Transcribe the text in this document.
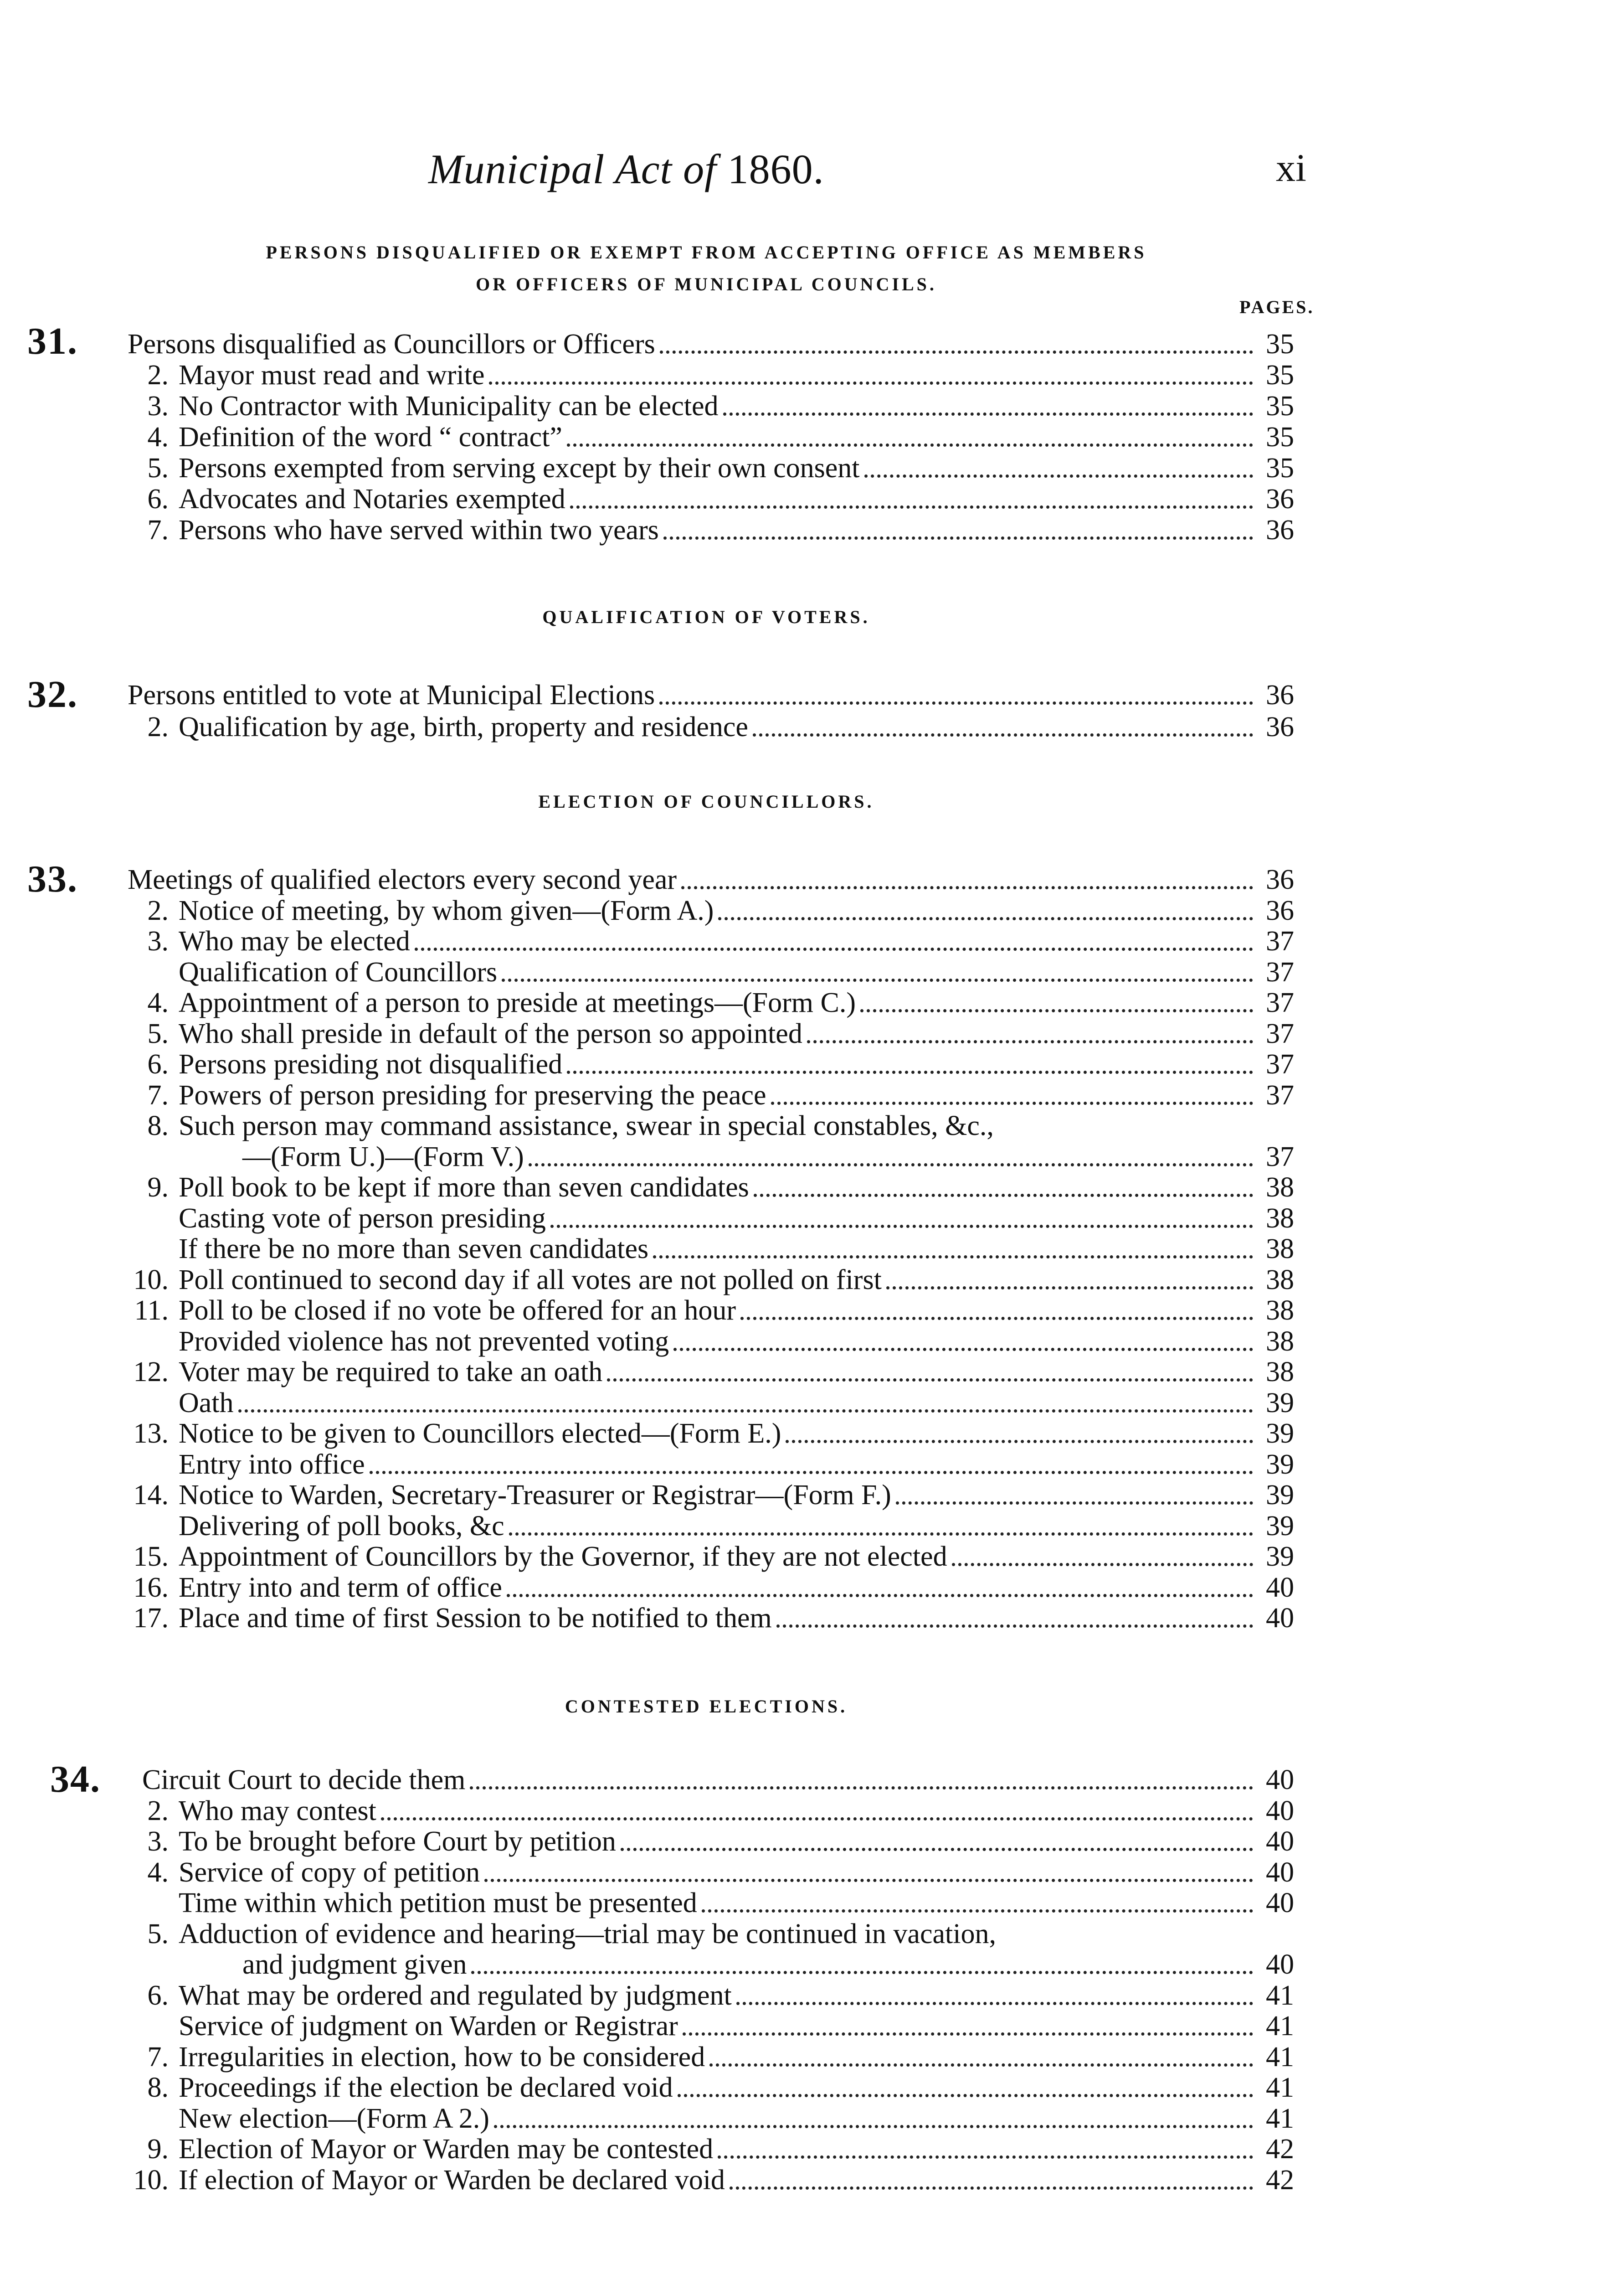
Municipal Act of 1860.	xi
PERSONS DISQUALIFIED OR EXEMPT FROM ACCEPTING OFFICE AS MEMBERS
OR OFFICERS OF MUNICIPAL COUNCILS.
PAGES.
31. Persons disqualified as Councillors or Officers	35
2. Mayor must read and write	35
3. No Contractor with Municipality can be elected	35
4. Definition of the word “ contract”	35
5. Persons exempted from serving except by their own consent	35
6. Advocates and Notaries exempted	36
7. Persons who have served within two years	36
QUALIFICATION OF VOTERS.
32. Persons entitled to vote at Municipal Elections	36
2. Qualification by age, birth, property and residence	36
ELECTION OF COUNCILLORS.
33. Meetings of qualified electors every second year	36
2. Notice of meeting, by whom given—(Form A.)	36
3. Who may be elected	37
Qualification of Councillors	37
4. Appointment of a person to preside at meetings—(Form C.)	37
5. Who shall preside in default of the person so appointed	37
6. Persons presiding not disqualified	37
7. Powers of person presiding for preserving the peace	37
8. Such person may command assistance, swear in special constables, &c.,
—(Form U.)—(Form V.)	37
9. Poll book to be kept if more than seven candidates	38
Casting vote of person presiding	38
If there be no more than seven candidates	38
10. Poll continued to second day if all votes are not polled on first	38
11. Poll to be closed if no vote be offered for an hour	38
Provided violence has not prevented voting	38
12. Voter may be required to take an oath	38
Oath	39
13. Notice to be given to Councillors elected—(Form E.)	39
Entry into office	39
14. Notice to Warden, Secretary-Treasurer or Registrar—(Form F.)	39
Delivering of poll books, &c	39
15. Appointment of Councillors by the Governor, if they are not elected	39
16. Entry into and term of office	40
17. Place and time of first Session to be notified to them	40
CONTESTED ELECTIONS.
34. Circuit Court to decide them	40
2. Who may contest	40
3. To be brought before Court by petition	40
4. Service of copy of petition	40
Time within which petition must be presented	40
5. Adduction of evidence and hearing—trial may be continued in vacation,
and judgment given	40
6. What may be ordered and regulated by judgment	41
Service of judgment on Warden or Registrar	41
7. Irregularities in election, how to be considered	41
8. Proceedings if the election be declared void	41
New election—(Form A 2.)	41
9. Election of Mayor or Warden may be contested	42
10. If election of Mayor or Warden be declared void	42
